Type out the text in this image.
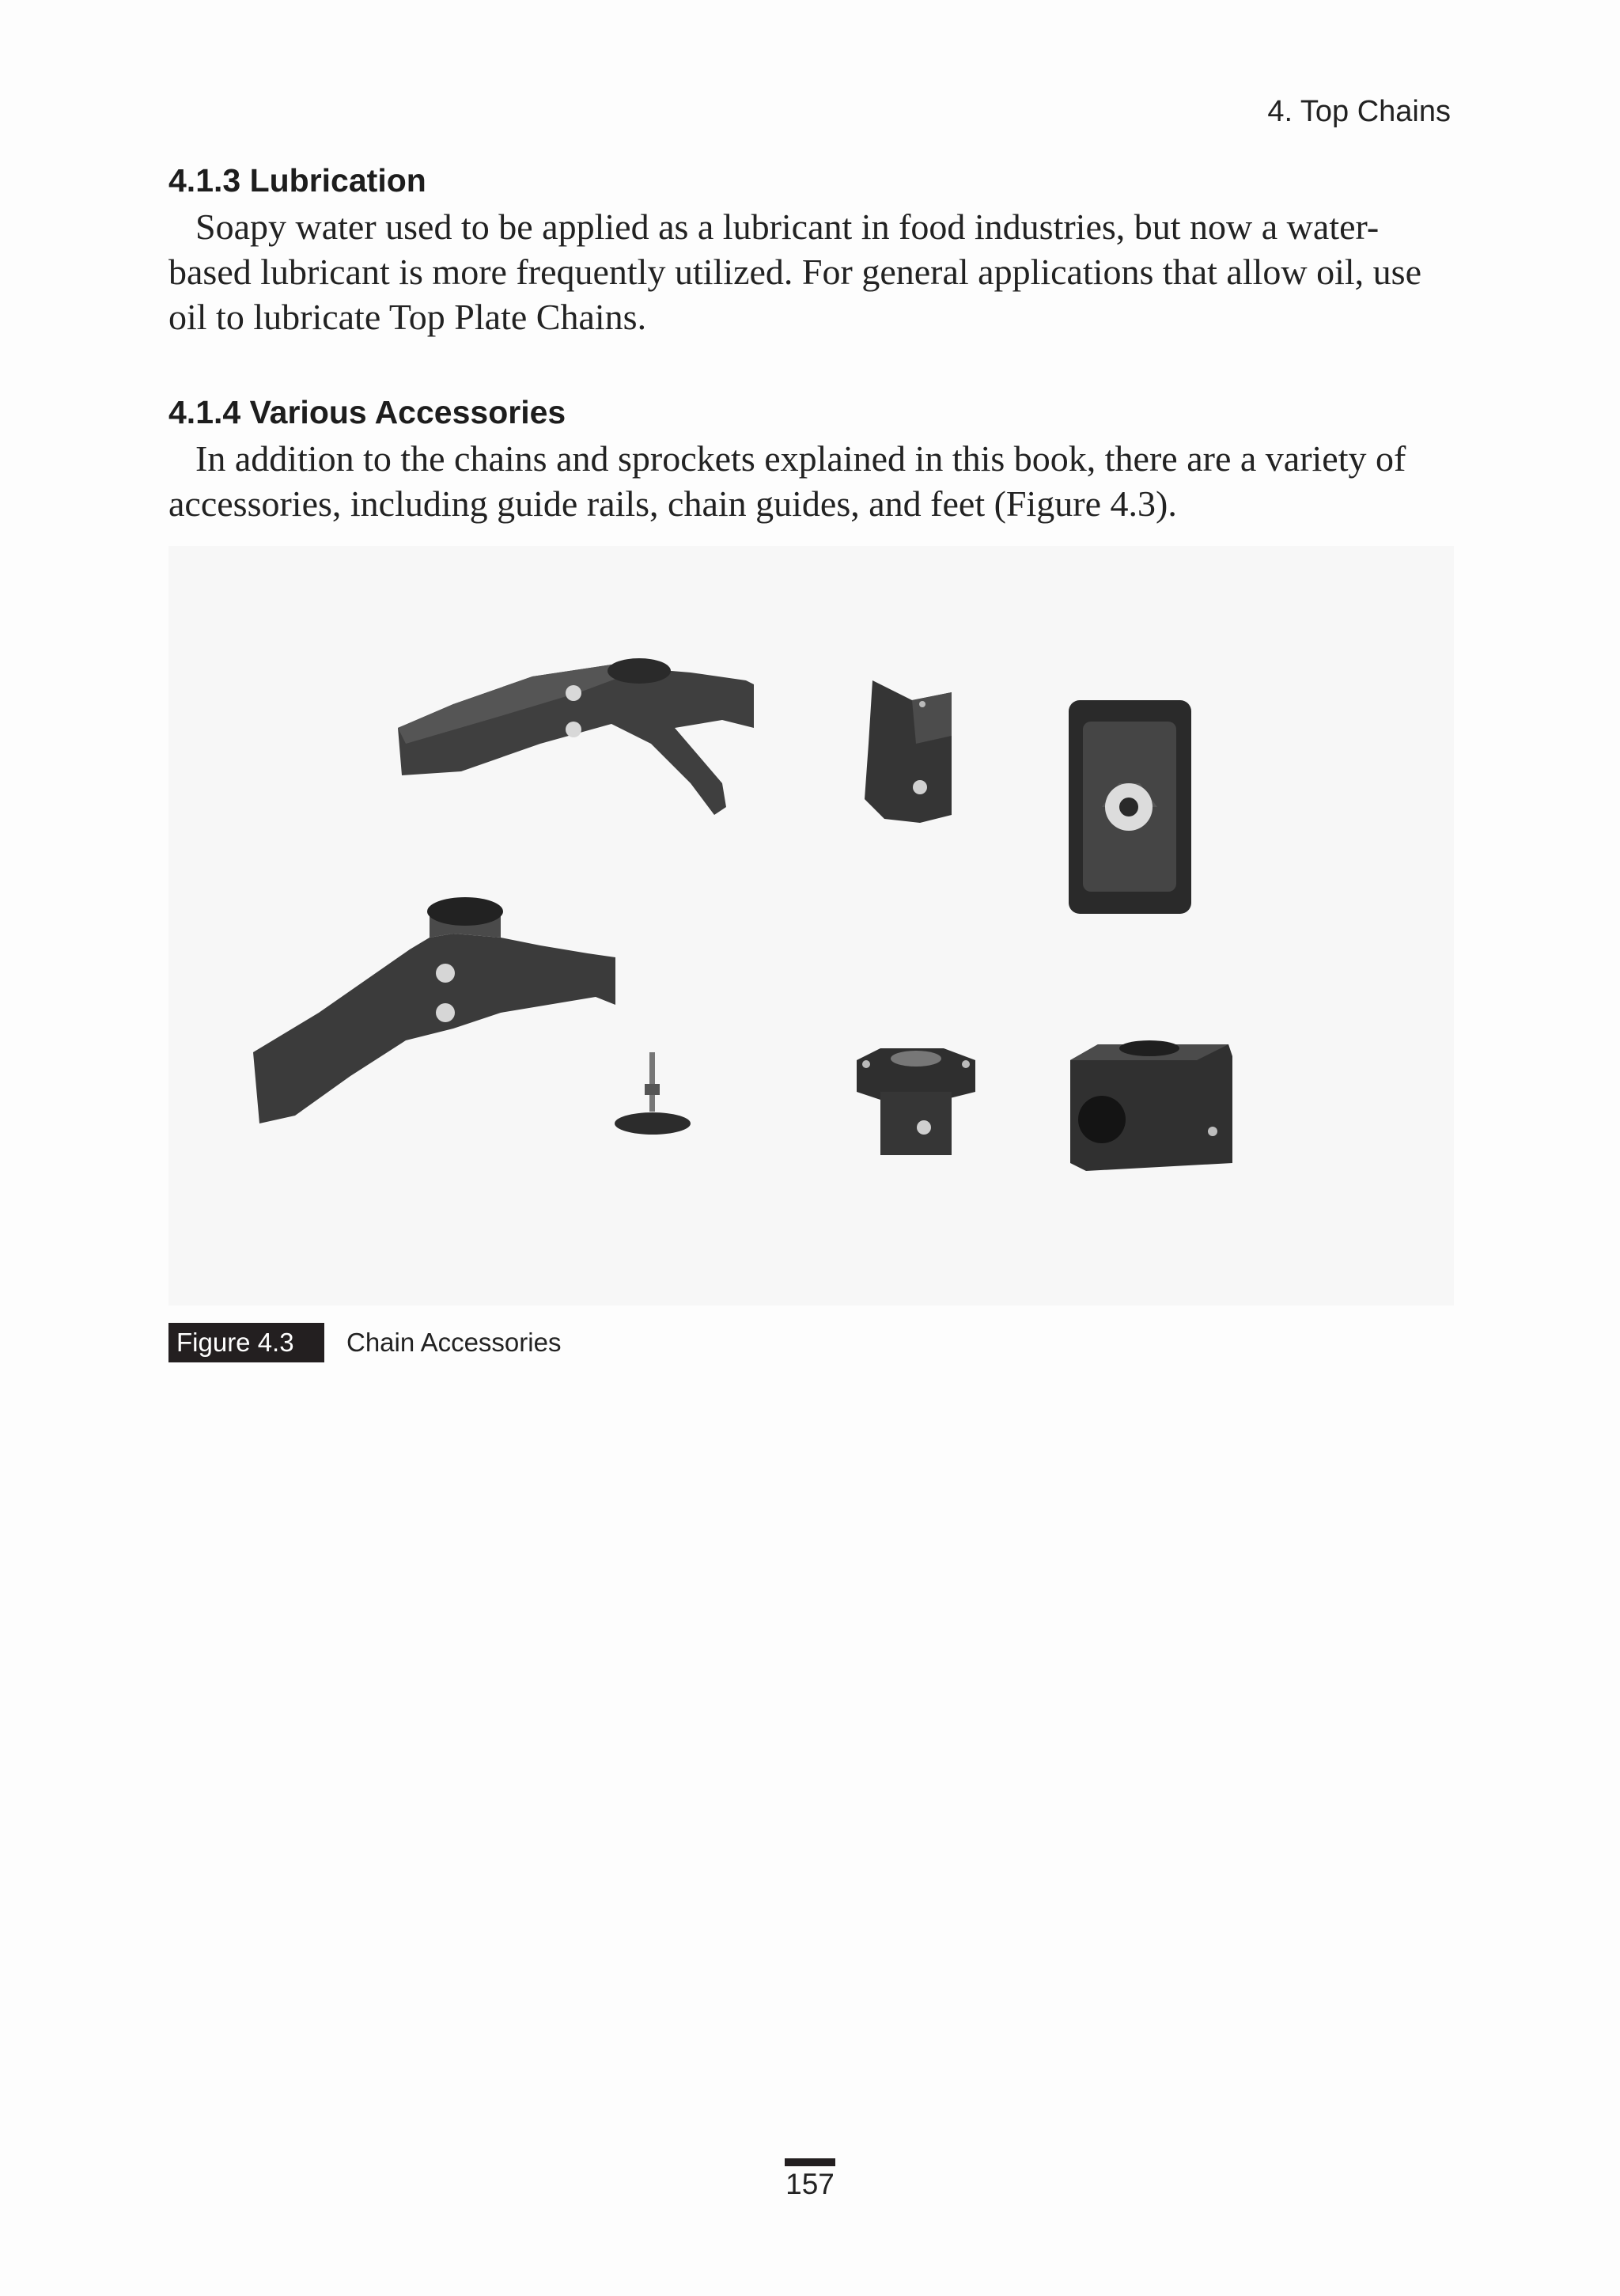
4. Top Chains
4.1.3 Lubrication

Soapy water used to be applied as a lubricant in food industries, but now a water-based lubricant is more frequently utilized. For general applications that allow oil, use oil to lubricate Top Plate Chains.

4.1.4 Various Accessories

In addition to the chains and sprockets explained in this book, there are a variety of accessories, including guide rails, chain guides, and feet (Figure 4.3).

Figure 4.3	Chain Accessories
157
